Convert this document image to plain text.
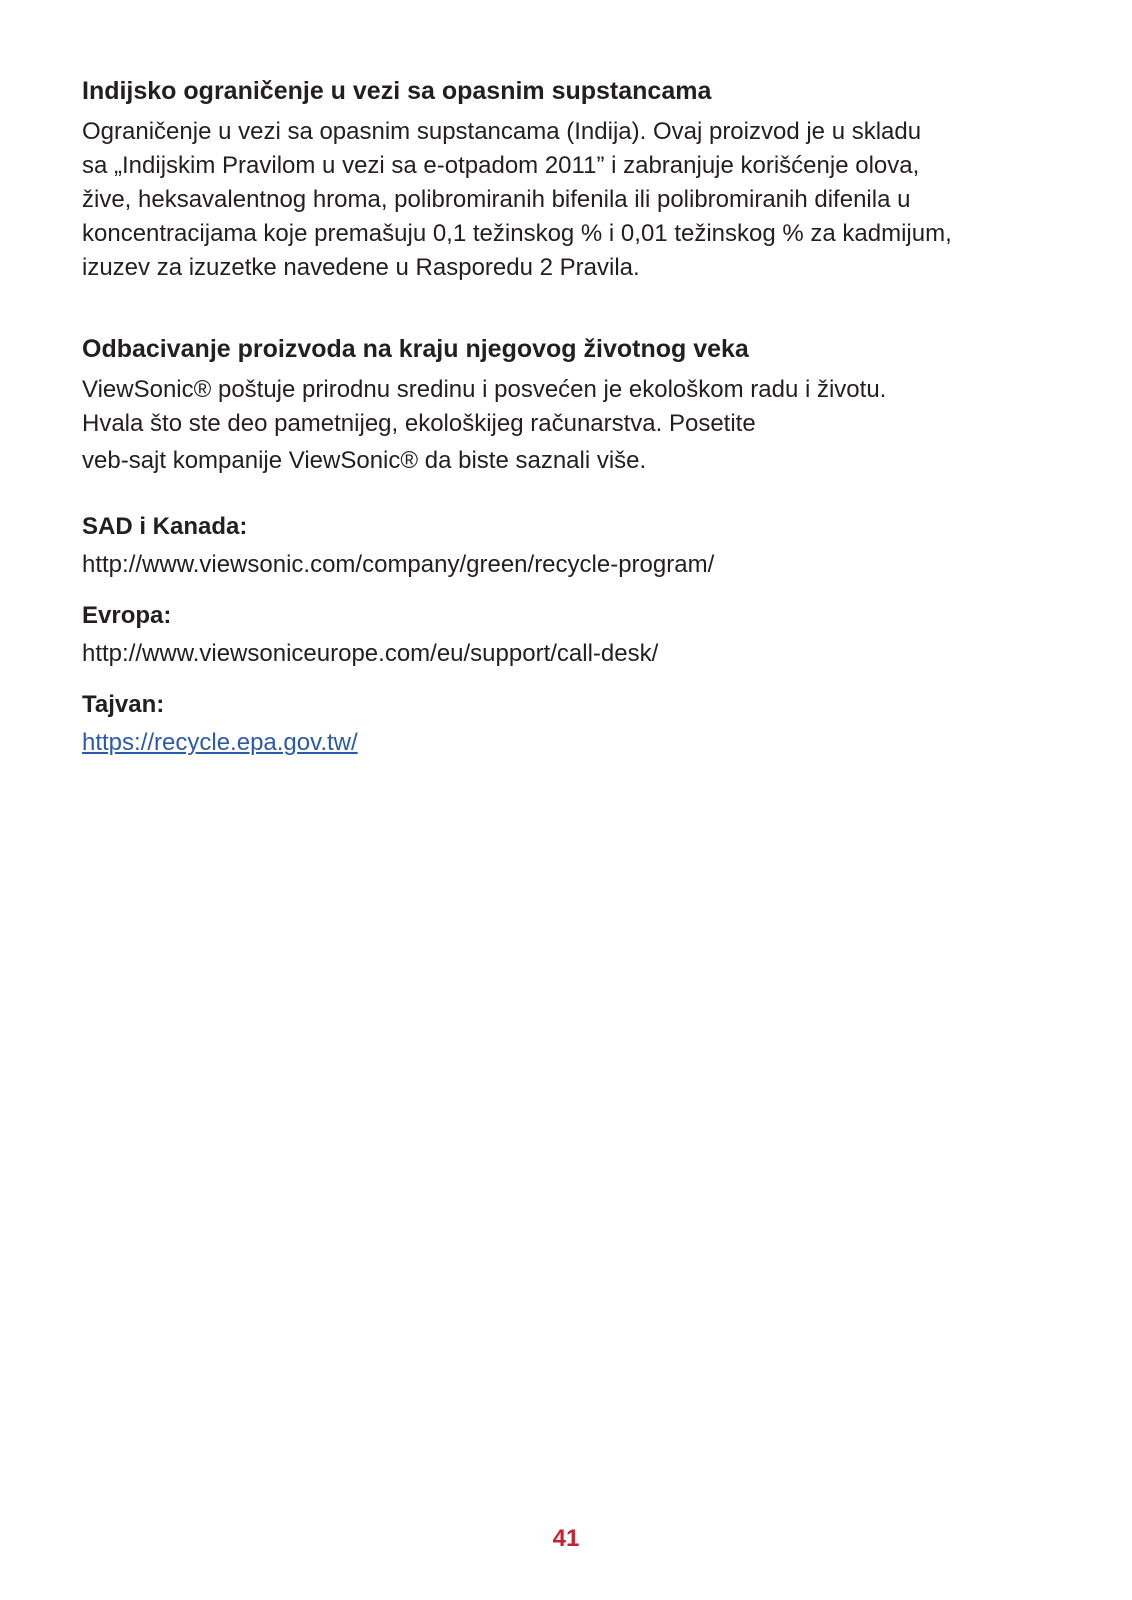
Indijsko ograničenje u vezi sa opasnim supstancama
Ograničenje u vezi sa opasnim supstancama (Indija). Ovaj proizvod je u skladu
sa „Indijskim Pravilom u vezi sa e-otpadom 2011” i zabranjuje korišćenje olova,
žive, heksavalentnog hroma, polibromiranih bifenila ili polibromiranih difenila u
koncentracijama koje premašuju 0,1 težinskog % i 0,01 težinskog % za kadmijum,
izuzev za izuzetke navedene u Rasporedu 2 Pravila.
Odbacivanje proizvoda na kraju njegovog životnog veka
ViewSonic® poštuje prirodnu sredinu i posvećen je ekološkom radu i životu.
Hvala što ste deo pametnijeg, ekološkijeg računarstva. Posetite
veb-sajt kompanije ViewSonic® da biste saznali više.
SAD i Kanada:
http://www.viewsonic.com/company/green/recycle-program/
Evropa:
http://www.viewsoniceurope.com/eu/support/call-desk/
Tajvan:
https://recycle.epa.gov.tw/
41
